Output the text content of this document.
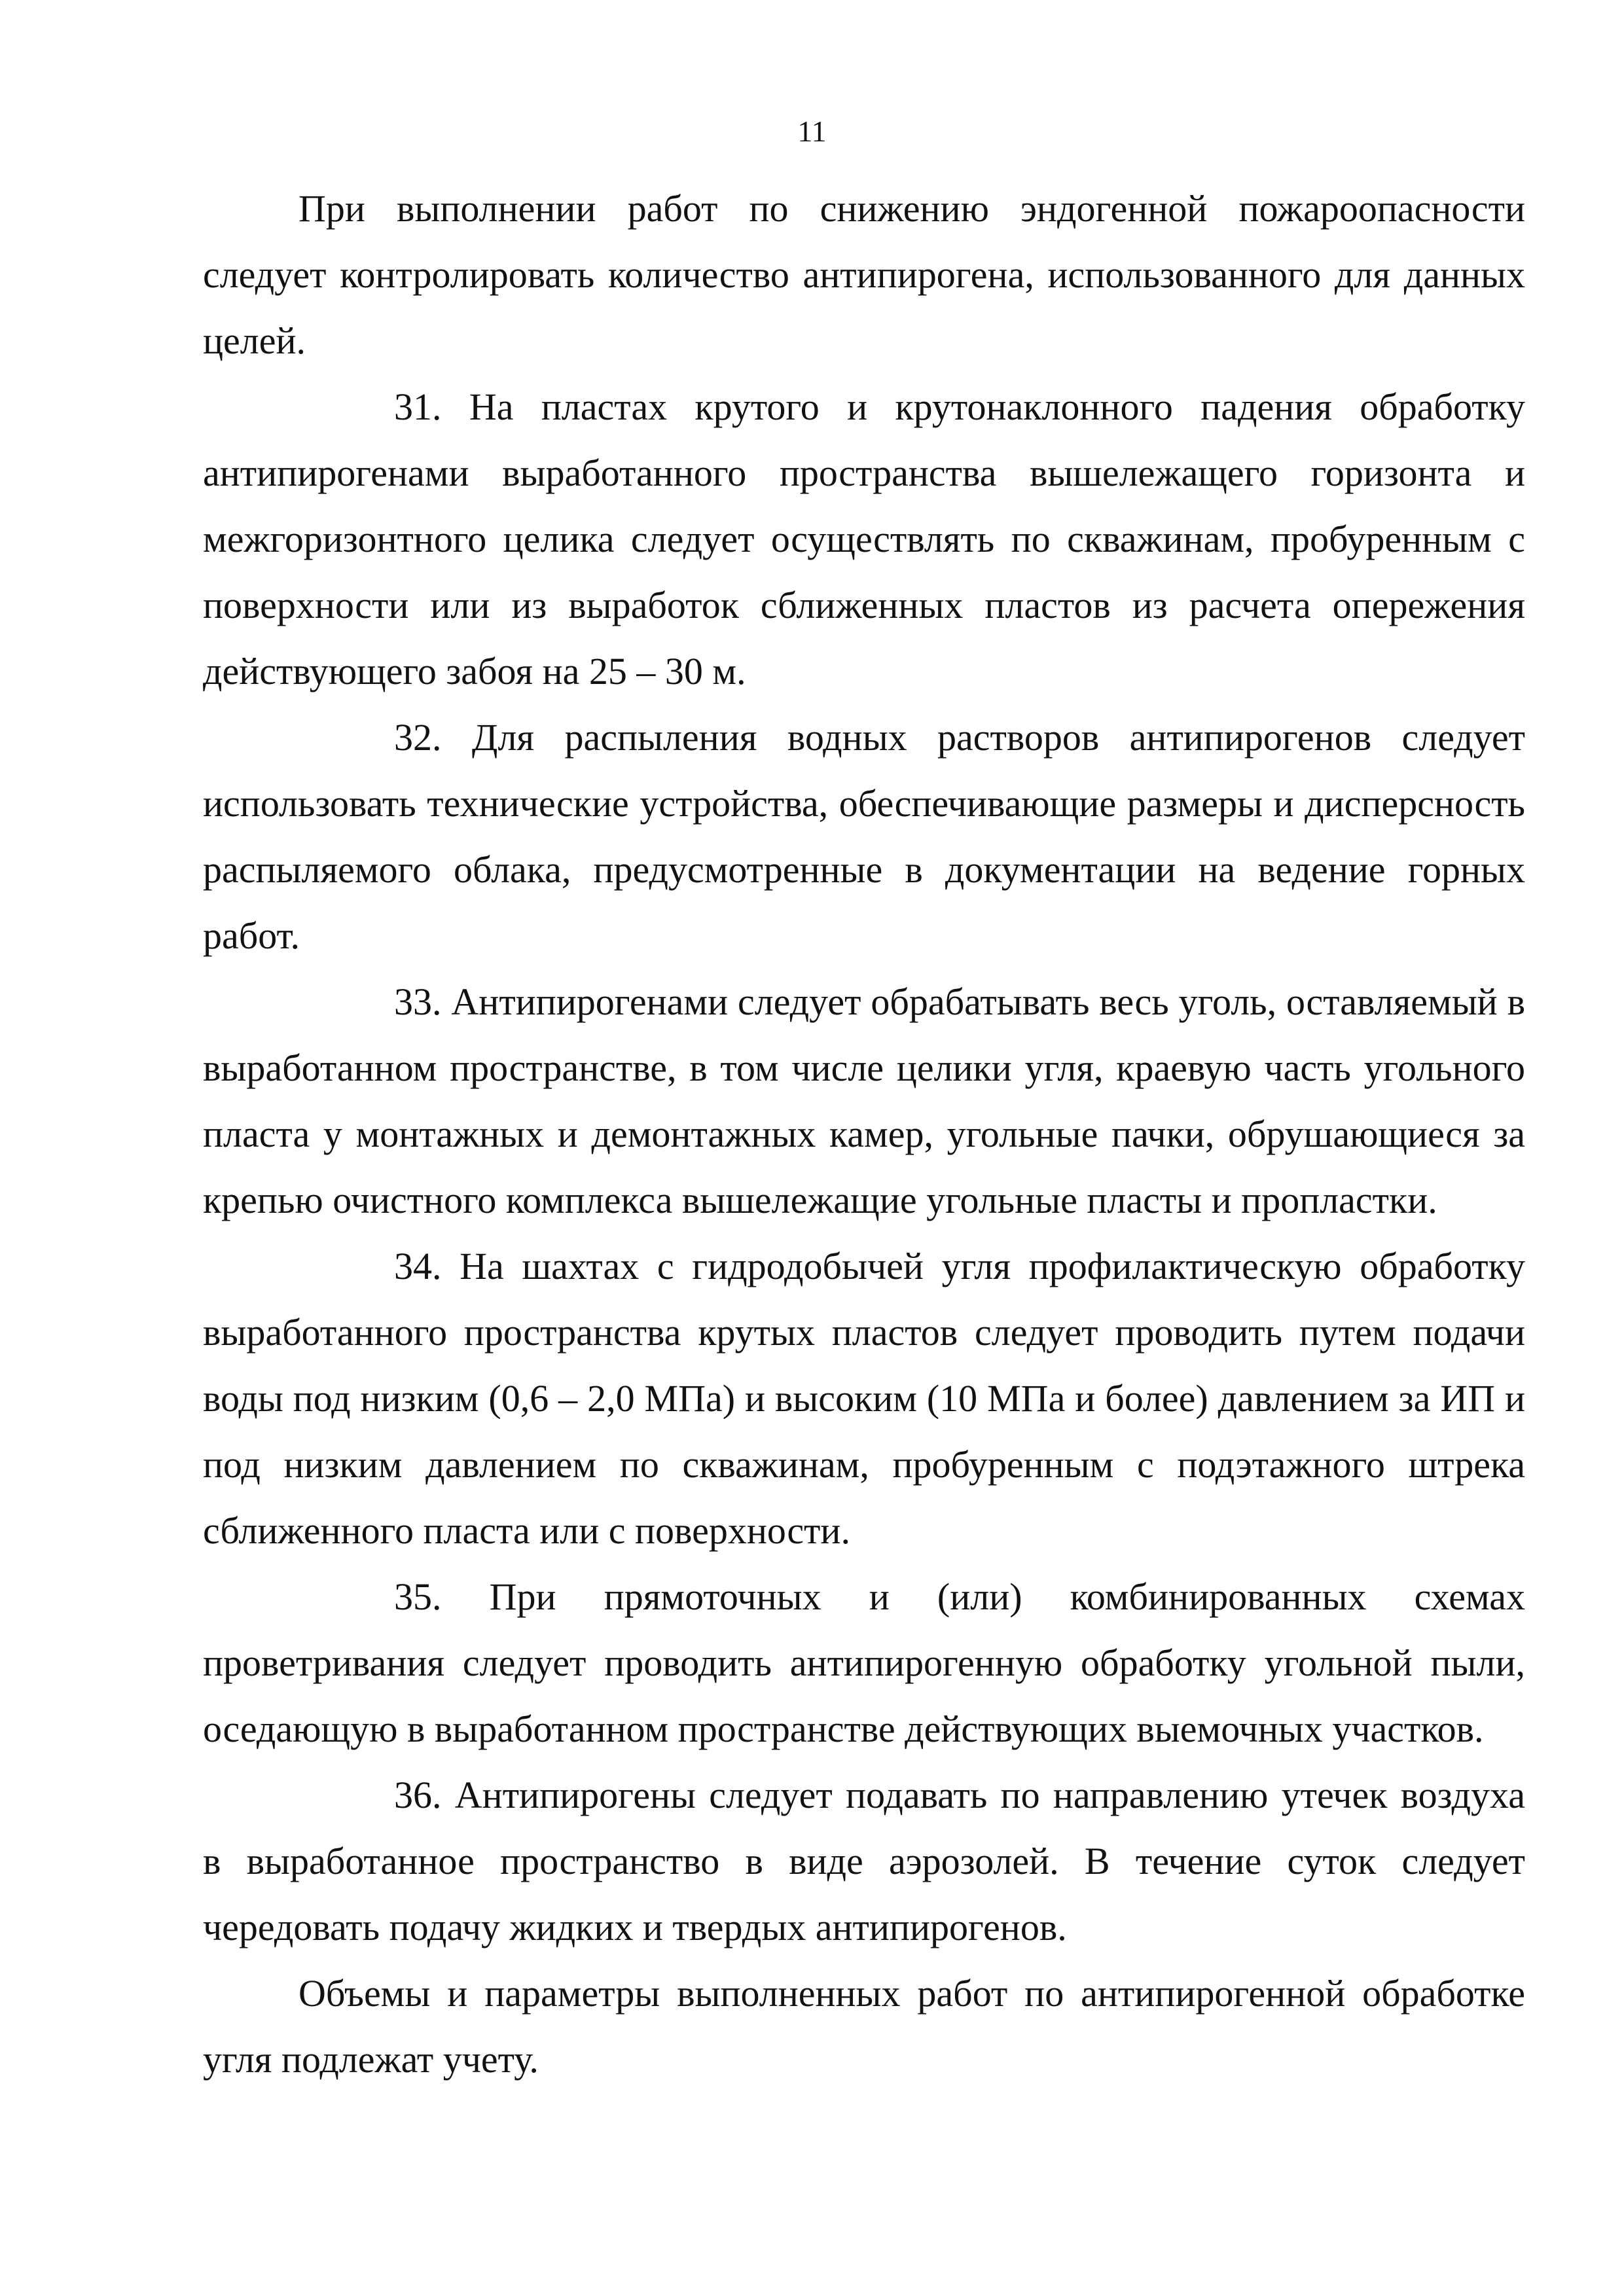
11

При выполнении работ по снижению эндогенной пожароопасности следует контролировать количество антипирогена, использованного для данных целей.

31. На пластах крутого и крутонаклонного падения обработку антипирогенами выработанного пространства вышележащего горизонта и межгоризонтного целика следует осуществлять по скважинам, пробуренным с поверхности или из выработок сближенных пластов из расчета опережения действующего забоя на 25 – 30 м.

32. Для распыления водных растворов антипирогенов следует использовать технические устройства, обеспечивающие размеры и дисперсность распыляемого облака, предусмотренные в документации на ведение горных работ.

33. Антипирогенами следует обрабатывать весь уголь, оставляемый в выработанном пространстве, в том числе целики угля, краевую часть угольного пласта у монтажных и демонтажных камер, угольные пачки, обрушающиеся за крепью очистного комплекса вышележащие угольные пласты и пропластки.

34. На шахтах с гидродобычей угля профилактическую обработку выработанного пространства крутых пластов следует проводить путем подачи воды под низким (0,6 – 2,0 МПа) и высоким (10 МПа и более) давлением за ИП и под низким давлением по скважинам, пробуренным с подэтажного штрека сближенного пласта или с поверхности.

35. При прямоточных и (или) комбинированных схемах проветривания следует проводить антипирогенную обработку угольной пыли, оседающую в выработанном пространстве действующих выемочных участков.

36. Антипирогены следует подавать по направлению утечек воздуха в выработанное пространство в виде аэрозолей. В течение суток следует чередовать подачу жидких и твердых антипирогенов.

Объемы и параметры выполненных работ по антипирогенной обработке угля подлежат учету.
